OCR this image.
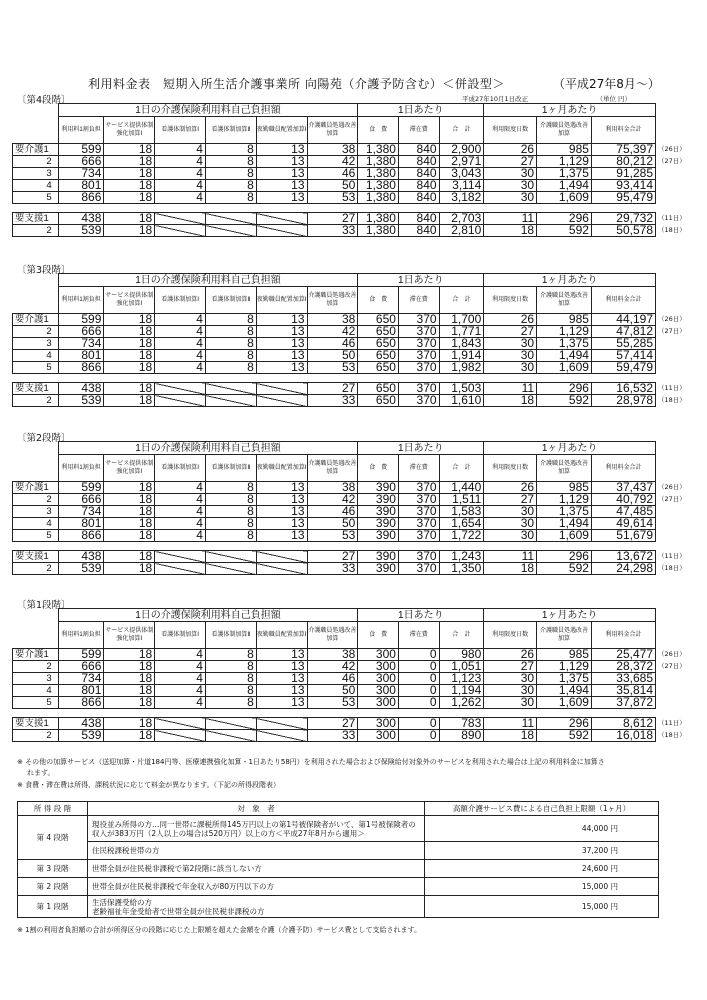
利用料金表　短期入所生活介護事業所 向陽苑（介護予防含む）＜併設型＞	（平成27年8月～）
〔第4段階〕	平成27年10月1日改正　　　　　　　　　　　	（単位 円）
	1日の介護保険利用料自己負担額						1日あたり			1ヶ月あたり		
	利用料1割負担	サービス提供体制強化加算Ⅰ	看護体制加算Ⅰ	看護体制加算Ⅱ	夜勤職員配置加算Ⅰ	介護職員処遇改善加算	食　費	滞在費	合　計	利用限度日数	介護職員処遇改善加算	利用料金合計
要介護1	599	18	4	8	13	38	1,380	840	2,900	26	985	75,397
2	666	18	4	8	13	42	1,380	840	2,971	27	1,129	80,212
3	734	18	4	8	13	46	1,380	840	3,043	30	1,375	91,285
4	801	18	4	8	13	50	1,380	840	3,114	30	1,494	93,414
5	866	18	4	8	13	53	1,380	840	3,182	30	1,609	95,479

要支援1	438	18				27	1,380	840	2,703	11	296	29,732
2	539	18				33	1,380	840	2,810	18	592	50,578
（26日）
（27日）
（11日）
（18日）
〔第3段階〕
	1日の介護保険利用料自己負担額						1日あたり			1ヶ月あたり		
	利用料1割負担	サービス提供体制強化加算Ⅰ	看護体制加算Ⅰ	看護体制加算Ⅱ	夜勤職員配置加算Ⅰ	介護職員処遇改善加算	食　費	滞在費	合　計	利用限度日数	介護職員処遇改善加算	利用料金合計
要介護1	599	18	4	8	13	38	650	370	1,700	26	985	44,197
2	666	18	4	8	13	42	650	370	1,771	27	1,129	47,812
3	734	18	4	8	13	46	650	370	1,843	30	1,375	55,285
4	801	18	4	8	13	50	650	370	1,914	30	1,494	57,414
5	866	18	4	8	13	53	650	370	1,982	30	1,609	59,479

要支援1	438	18				27	650	370	1,503	11	296	16,532
2	539	18				33	650	370	1,610	18	592	28,978
（26日）
（27日）
（11日）
（18日）
〔第2段階〕
	1日の介護保険利用料自己負担額						1日あたり			1ヶ月あたり		
	利用料1割負担	サービス提供体制強化加算Ⅰ	看護体制加算Ⅰ	看護体制加算Ⅱ	夜勤職員配置加算Ⅰ	介護職員処遇改善加算	食　費	滞在費	合　計	利用限度日数	介護職員処遇改善加算	利用料金合計
要介護1	599	18	4	8	13	38	390	370	1,440	26	985	37,437
2	666	18	4	8	13	42	390	370	1,511	27	1,129	40,792
3	734	18	4	8	13	46	390	370	1,583	30	1,375	47,485
4	801	18	4	8	13	50	390	370	1,654	30	1,494	49,614
5	866	18	4	8	13	53	390	370	1,722	30	1,609	51,679

要支援1	438	18				27	390	370	1,243	11	296	13,672
2	539	18				33	390	370	1,350	18	592	24,298
（26日）
（27日）
（11日）
（18日）
〔第1段階〕
	1日の介護保険利用料自己負担額						1日あたり			1ヶ月あたり		
	利用料1割負担	サービス提供体制強化加算Ⅰ	看護体制加算Ⅰ	看護体制加算Ⅱ	夜勤職員配置加算Ⅰ	介護職員処遇改善加算	食　費	滞在費	合　計	利用限度日数	介護職員処遇改善加算	利用料金合計
要介護1	599	18	4	8	13	38	300	0	980	26	985	25,477
2	666	18	4	8	13	42	300	0	1,051	27	1,129	28,372
3	734	18	4	8	13	46	300	0	1,123	30	1,375	33,685
4	801	18	4	8	13	50	300	0	1,194	30	1,494	35,814
5	866	18	4	8	13	53	300	0	1,262	30	1,609	37,872

要支援1	438	18				27	300	0	783	11	296	8,612
2	539	18				33	300	0	890	18	592	16,018
（26日）
（27日）
（11日）
（18日）
※ その他の加算サービス（送迎加算・片道184円等、医療連携強化加算・1日あたり58円）を利用された場合および保険給付対象外のサービスを利用された場合は上記の利用料金に加算さ
れます。
※ 食費・滞在費は所得、課税状況に応じて料金が異なります。（下記の所得段階表）
所 得 段 階	対　象　者	高額介護サービス費による自己負担上限額（1ヶ月）
第 4 段階	現役並み所得の方…同一世帯に課税所得145万円以上の第1号被保険者がいて、第1号被保険者の収入が383万円（2人以上の場合は520万円）以上の方＜平成27年8月から適用＞	44,000 円
	住民税課税世帯の方	37,200 円
第 3 段階	世帯全員が住民税非課税で第2段階に該当しない方	24,600 円
第 2 段階	世帯全員が住民税非課税で年金収入が80万円以下の方	15,000 円
第 1 段階	生活保護受給の方
老齢福祉年金受給者で世帯全員が住民税非課税の方	15,000 円
※ 1割の利用者負担額の合計が所得区分の段階に応じた上限額を超えた金額を介護（介護予防）サービス費として支給されます。
